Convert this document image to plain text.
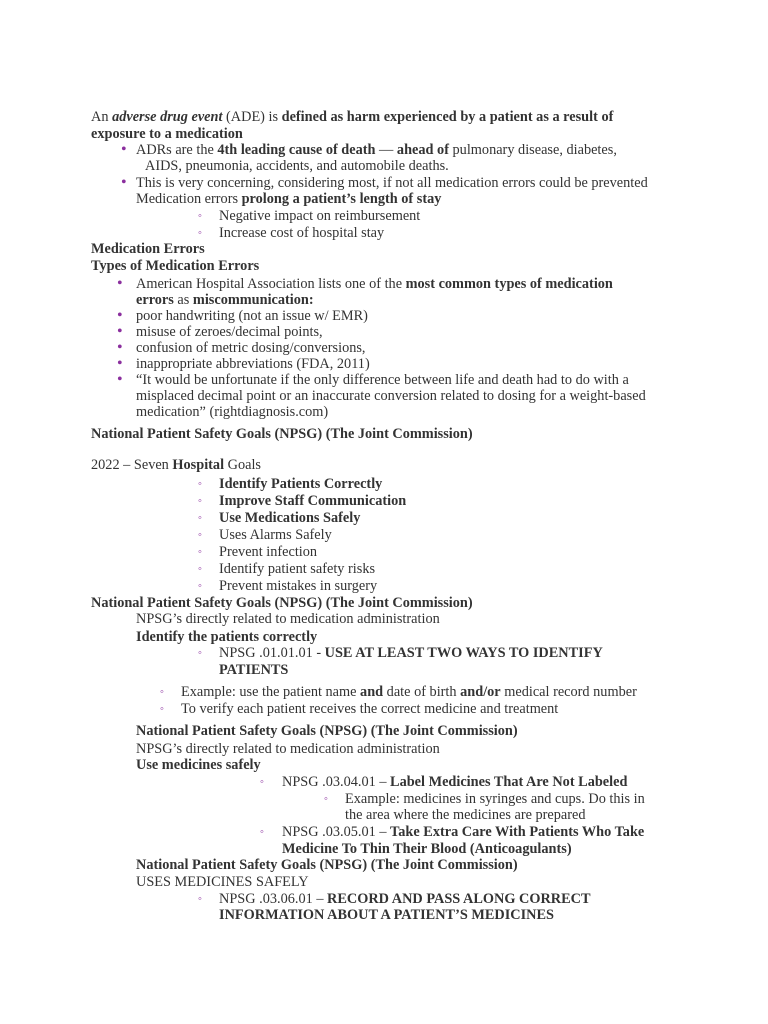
An adverse drug event (ADE) is defined as harm experienced by a patient as a result of
exposure to a medication
• ADRs are the 4th leading cause of death — ahead of pulmonary disease, diabetes,
AIDS, pneumonia, accidents, and automobile deaths.
• This is very concerning, considering most, if not all medication errors could be prevented
Medication errors prolong a patient’s length of stay
◦ Negative impact on reimbursement
◦ Increase cost of hospital stay
Medication Errors
Types of Medication Errors
• American Hospital Association lists one of the most common types of medication
errors as miscommunication:
• poor handwriting (not an issue w/ EMR)
• misuse of zeroes/decimal points,
• confusion of metric dosing/conversions,
• inappropriate abbreviations (FDA, 2011)
• “It would be unfortunate if the only difference between life and death had to do with a
misplaced decimal point or an inaccurate conversion related to dosing for a weight-based
medication” (rightdiagnosis.com)
National Patient Safety Goals (NPSG) (The Joint Commission)
2022 – Seven Hospital Goals
◦ Identify Patients Correctly
◦ Improve Staff Communication
◦ Use Medications Safely
◦ Uses Alarms Safely
◦ Prevent infection
◦ Identify patient safety risks
◦ Prevent mistakes in surgery
National Patient Safety Goals (NPSG) (The Joint Commission)
NPSG’s directly related to medication administration
Identify the patients correctly
◦ NPSG .01.01.01 - USE AT LEAST TWO WAYS TO IDENTIFY
PATIENTS
◦ Example: use the patient name and date of birth and/or medical record number
◦ To verify each patient receives the correct medicine and treatment
National Patient Safety Goals (NPSG) (The Joint Commission)
NPSG’s directly related to medication administration
Use medicines safely
◦ NPSG .03.04.01 – Label Medicines That Are Not Labeled
◦ Example: medicines in syringes and cups. Do this in
the area where the medicines are prepared
◦ NPSG .03.05.01 – Take Extra Care With Patients Who Take
Medicine To Thin Their Blood (Anticoagulants)
National Patient Safety Goals (NPSG) (The Joint Commission)
USES MEDICINES SAFELY
◦ NPSG .03.06.01 – RECORD AND PASS ALONG CORRECT
INFORMATION ABOUT A PATIENT’S MEDICINES
